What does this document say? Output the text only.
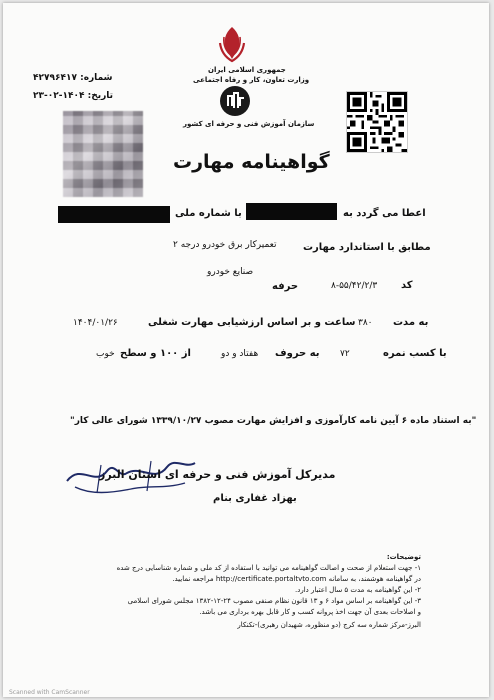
جمهوری اسلامی ایران
وزارت تعاون، کار و رفاه اجتماعی
شماره: ۴۲۷۹۶۴۱۷
تاریخ: ۱۴۰۴-۰۲-۲۳
سازمان آموزش فنی و حرفه ای کشور
گواهینامه مهارت
اعطا می گردد به
با شماره ملی
مطابق با استاندارد مهارت
تعمیرکار برق خودرو درجه ۲
کد
۸-۵۵/۴۲/۲/۳
حرفه
صنایع خودرو
به مدت
۳۸۰
ساعت و بر اساس ارزشیابی مهارت شغلی
۱۴۰۴/۰۱/۲۶
با کسب نمره
۷۲
به حروف
هفتاد و دو
از ۱۰۰ و سطح
خوب
"به استناد ماده ۶ آیین نامه کارآموزی و افزایش مهارت مصوب ۱۳۳۹/۱۰/۲۷ شورای عالی کار"
مدیرکل آموزش فنی و حرفه ای استان البرز
بهزاد غفاری بنام
توضیحات:
۱- جهت استعلام از صحت و اصالت گواهینامه می توانید با استفاده از کد ملی و شماره شناسایی درج شده
در گواهینامه هوشمند، به سامانه http://certificate.portaltvto.com مراجعه نمایید.
۲- این گواهینامه به مدت ۵ سال اعتبار دارد.
۳- این گواهینامه بر اساس مواد ۶ و ۱۳ قانون نظام صنفی مصوب ۲۴-۱۲-۱۳۸۲ مجلس شورای اسلامی
و اصلاحات بعدی آن جهت اخذ پروانه کسب و کار قابل بهره برداری می باشد.
البرز-مرکز شماره سه کرج (دو منظوره، شهیدان رهبری)-تکنکار
Scanned with CamScanner
